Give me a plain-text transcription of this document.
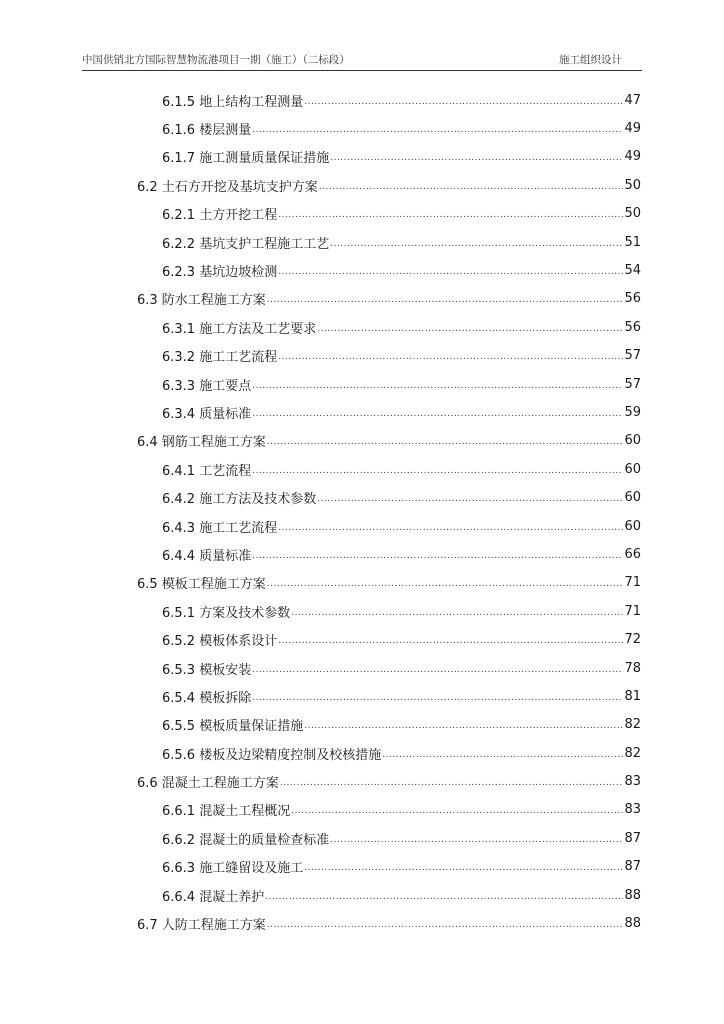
中国供销北方国际智慧物流港项目一期（施工）（二标段）	施工组织设计
6.1.5 地上结构工程测量 .....	47
6.1.6 楼层测量 .....	49
6.1.7 施工测量质量保证措施 .....	49
6.2 土石方开挖及基坑支护方案 .....	50
6.2.1 土方开挖工程 .....	50
6.2.2 基坑支护工程施工工艺 .....	51
6.2.3 基坑边坡检测 .....	54
6.3 防水工程施工方案 .....	56
6.3.1 施工方法及工艺要求 .....	56
6.3.2 施工工艺流程 .....	57
6.3.3 施工要点 .....	57
6.3.4 质量标准 .....	59
6.4 钢筋工程施工方案 .....	60
6.4.1 工艺流程 .....	60
6.4.2 施工方法及技术参数 .....	60
6.4.3 施工工艺流程 .....	60
6.4.4 质量标准 .....	66
6.5 模板工程施工方案 .....	71
6.5.1 方案及技术参数 .....	71
6.5.2 模板体系设计 .....	72
6.5.3 模板安装 .....	78
6.5.4 模板拆除 .....	81
6.5.5 模板质量保证措施 .....	82
6.5.6 楼板及边梁精度控制及校核措施 .....	82
6.6 混凝土工程施工方案 .....	83
6.6.1 混凝土工程概况 .....	83
6.6.2 混凝土的质量检查标准 .....	87
6.6.3 施工缝留设及施工 .....	87
6.6.4 混凝土养护 .....	88
6.7 人防工程施工方案 .....	88
